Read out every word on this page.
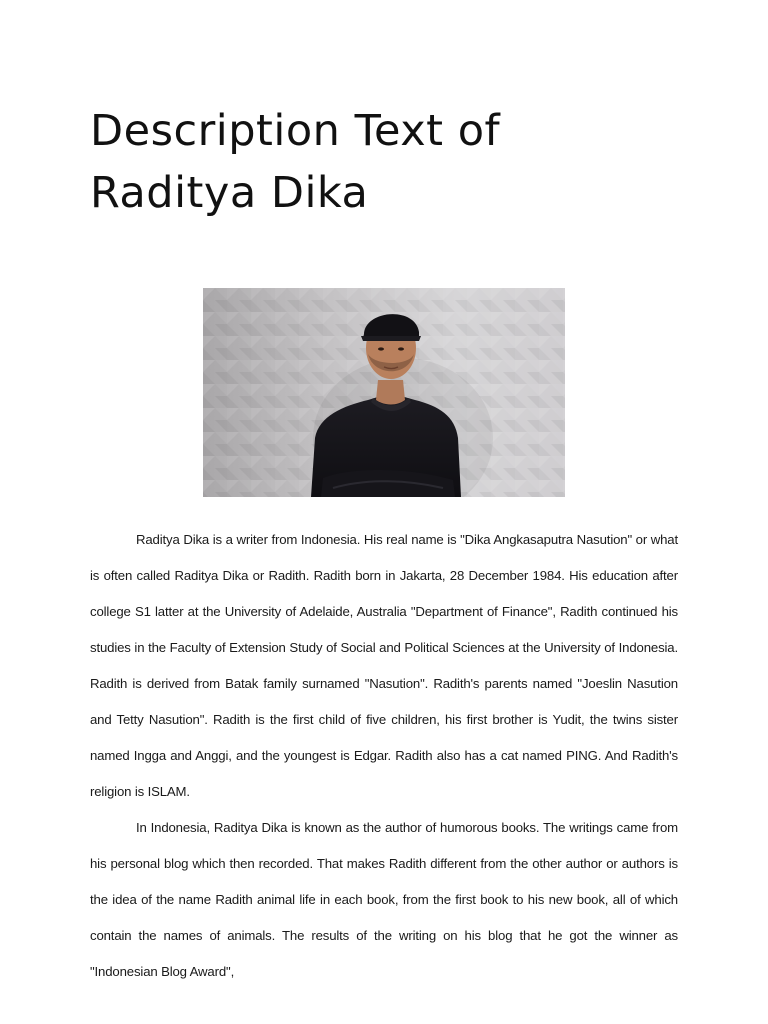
Description Text of
Raditya Dika

Raditya Dika is a writer from Indonesia. His real name is "Dika Angkasaputra Nasution" or what is often called Raditya Dika or Radith. Radith born in Jakarta, 28 December 1984. His education after college S1 latter at the University of Adelaide, Australia "Department of Finance", Radith continued his studies in the Faculty of Extension Study of Social and Political Sciences at the University of Indonesia. Radith is derived from Batak family surnamed "Nasution". Radith's parents named "Joeslin Nasution and Tetty Nasution". Radith is the first child of five children, his first brother is Yudit, the twins sister named Ingga and Anggi, and the youngest is Edgar. Radith also has a cat named PING. And Radith's religion is ISLAM.

In Indonesia, Raditya Dika is known as the author of humorous books. The writings came from his personal blog which then recorded. That makes Radith different from the other author or authors is the idea of the name Radith animal life in each book, from the first book to his new book, all of which contain the names of animals. The results of the writing on his blog that he got the winner as "Indonesian Blog Award",
